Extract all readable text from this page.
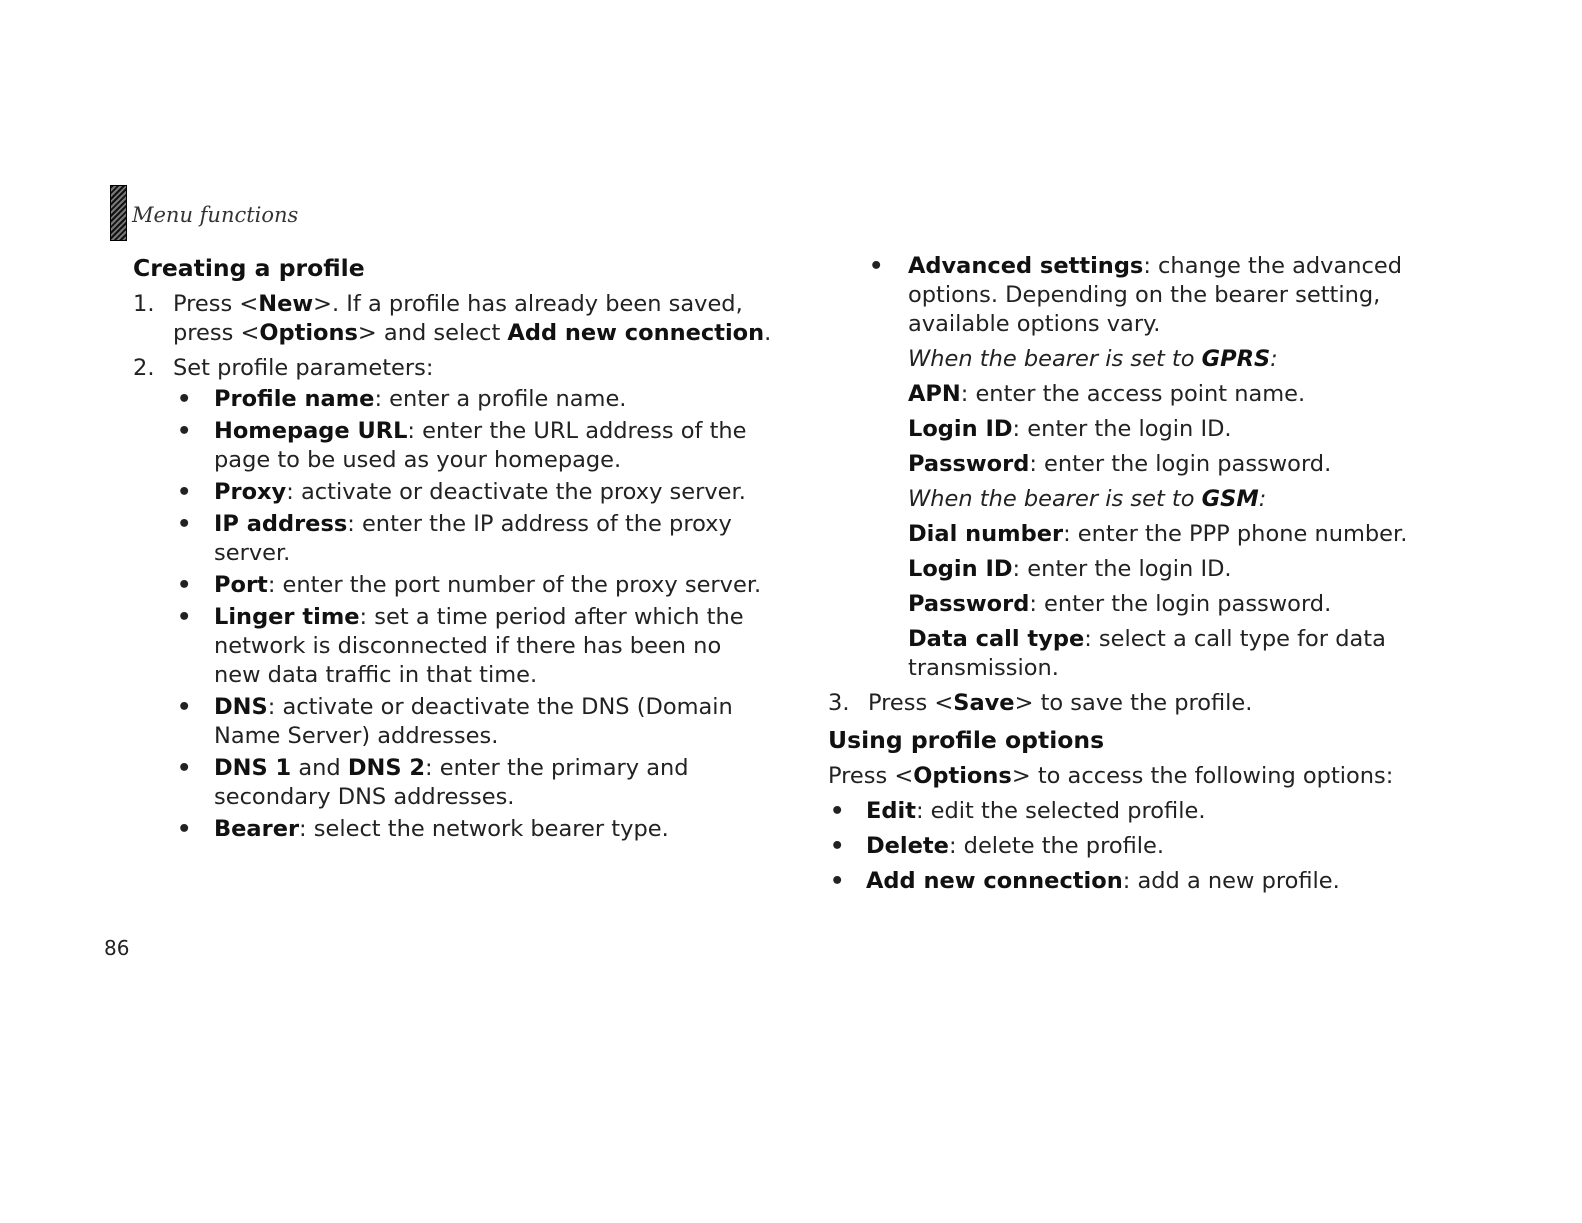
Menu functions
Creating a profile
1. Press <New>. If a profile has already been saved, press <Options> and select Add new connection.
2. Set profile parameters:
• Profile name: enter a profile name.
• Homepage URL: enter the URL address of the page to be used as your homepage.
• Proxy: activate or deactivate the proxy server.
• IP address: enter the IP address of the proxy server.
• Port: enter the port number of the proxy server.
• Linger time: set a time period after which the network is disconnected if there has been no new data traffic in that time.
• DNS: activate or deactivate the DNS (Domain Name Server) addresses.
• DNS 1 and DNS 2: enter the primary and secondary DNS addresses.
• Bearer: select the network bearer type.
• Advanced settings: change the advanced options. Depending on the bearer setting, available options vary.

When the bearer is set to GPRS:

APN: enter the access point name.

Login ID: enter the login ID.

Password: enter the login password.

When the bearer is set to GSM:

Dial number: enter the PPP phone number.

Login ID: enter the login ID.

Password: enter the login password.

Data call type: select a call type for data transmission.

3. Press <Save> to save the profile.
Using profile options

Press <Options> to access the following options:

• Edit: edit the selected profile.
• Delete: delete the profile.
• Add new connection: add a new profile.
86
